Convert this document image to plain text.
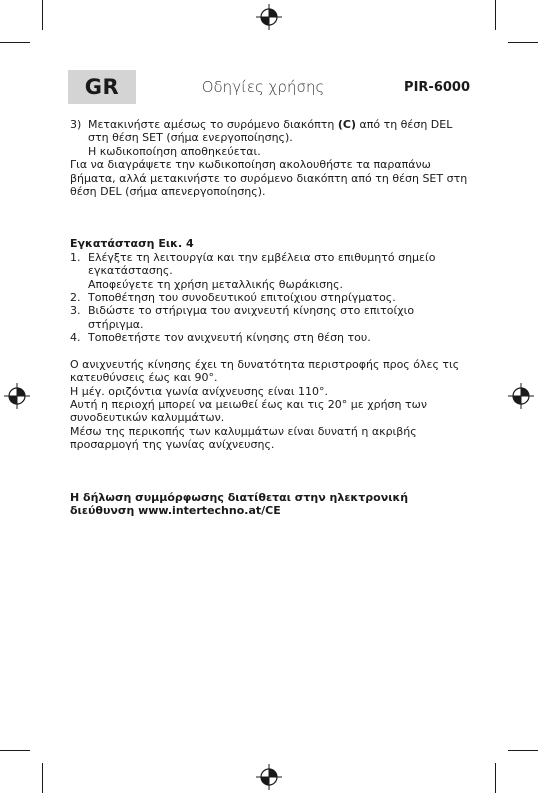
GR	Οδηγίες χρήσης	PIR-6000
3) Μετακινήστε αμέσως το συρόμενο διακόπτη (C) από τη θέση DEL στη θέση SET (σήμα ενεργοποίησης).
Η κωδικοποίηση αποθηκεύεται.

Για να διαγράψετε την κωδικοποίηση ακολουθήστε τα παραπάνω βήματα, αλλά μετακινήστε το συρόμενο διακόπτη από τη θέση SET στη θέση DEL (σήμα απενεργοποίησης).

Εγκατάσταση Εικ. 4

1. Ελέγξτε τη λειτουργία και την εμβέλεια στο επιθυμητό σημείο εγκατάστασης.
Αποφεύγετε τη χρήση μεταλλικής θωράκισης.
2. Τοποθέτηση του συνοδευτικού επιτοίχιου στηρίγματος.
3. Βιδώστε το στήριγμα του ανιχνευτή κίνησης στο επιτοίχιο στήριγμα.
4. Τοποθετήστε τον ανιχνευτή κίνησης στη θέση του.

Ο ανιχνευτής κίνησης έχει τη δυνατότητα περιστροφής προς όλες τις κατευθύνσεις έως και 90°.

Η μέγ. οριζόντια γωνία ανίχνευσης είναι 110°.

Αυτή η περιοχή μπορεί να μειωθεί έως και τις 20° με χρήση των συνοδευτικών καλυμμάτων.

Μέσω της περικοπής των καλυμμάτων είναι δυνατή η ακριβής προσαρμογή της γωνίας ανίχνευσης.

Η δήλωση συμμόρφωσης διατίθεται στην ηλεκτρονική διεύθυνση www.intertechno.at/CE
